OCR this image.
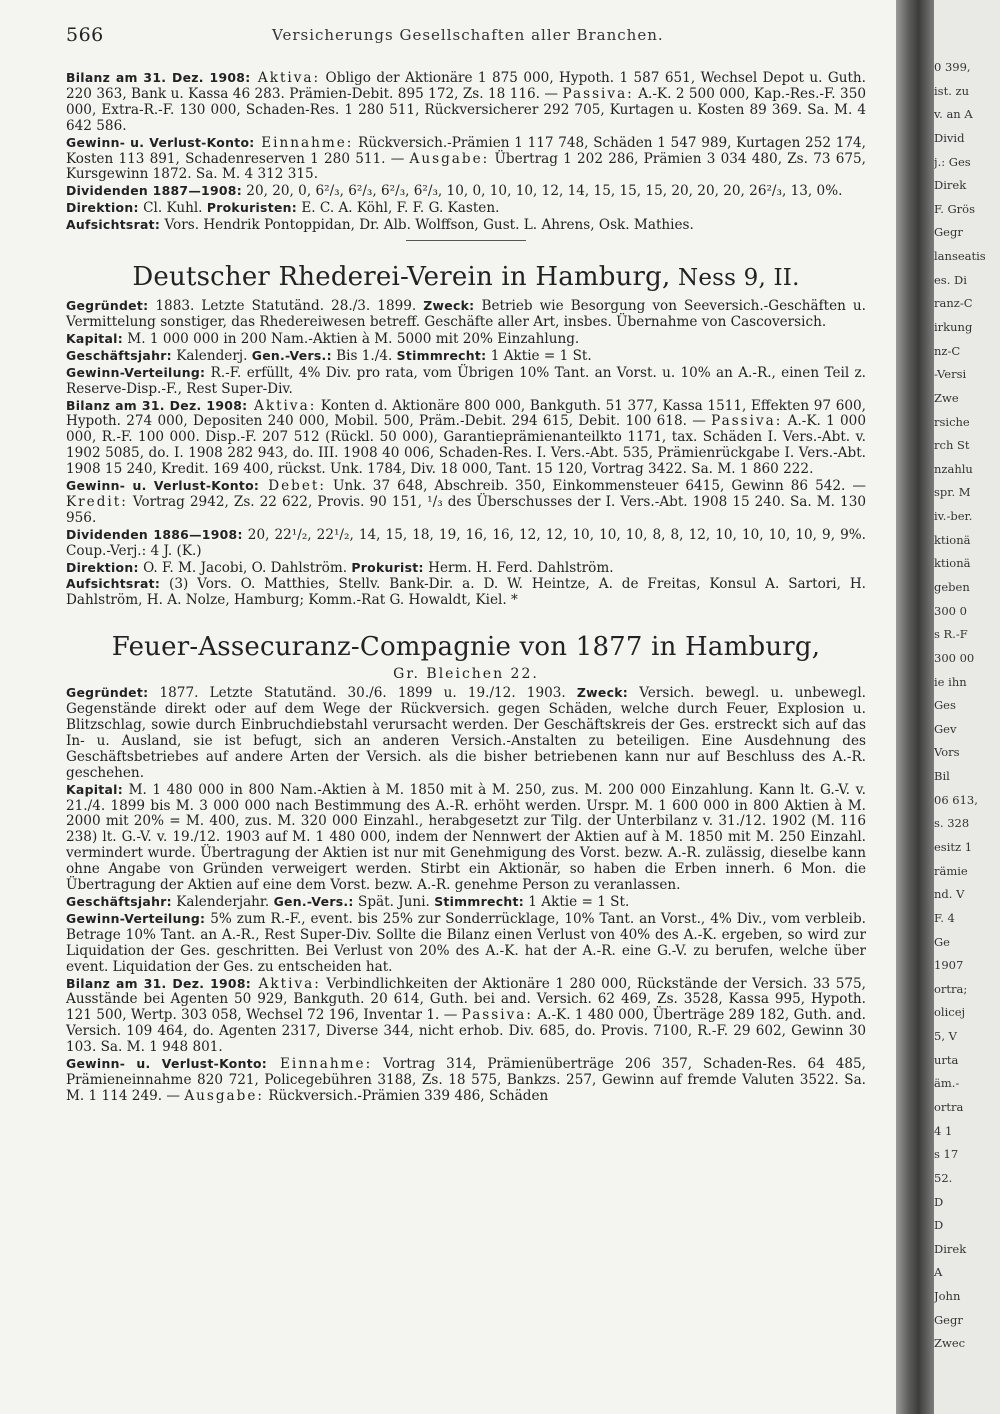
566	Versicherungs Gesellschaften aller Branchen.

Bilanz am 31. Dez. 1908: Aktiva: Obligo der Aktionäre 1 875 000, Hypoth. 1 587 651, Wechsel Depot u. Guth. 220 363, Bank u. Kassa 46 283. Prämien-Debit. 895 172, Zs. 18 116. — Passiva: A.-K. 2 500 000, Kap.-Res.-F. 350 000, Extra-R.-F. 130 000, Schaden-Res. 1 280 511, Rückversicherer 292 705, Kurtagen u. Kosten 89 369. Sa. M. 4 642 586.

Gewinn- u. Verlust-Konto: Einnahme: Rückversich.-Prämien 1 117 748, Schäden 1 547 989, Kurtagen 252 174, Kosten 113 891, Schadenreserven 1 280 511. — Ausgabe: Übertrag 1 202 286, Prämien 3 034 480, Zs. 73 675, Kursgewinn 1872. Sa. M. 4 312 315.

Dividenden 1887—1908: 20, 20, 0, 6²/₃, 6²/₃, 6²/₃, 6²/₃, 10, 0, 10, 10, 12, 14, 15, 15, 15, 20, 20, 20, 26²/₃, 13, 0%.

Direktion: Cl. Kuhl. Prokuristen: E. C. A. Köhl, F. F. G. Kasten.

Aufsichtsrat: Vors. Hendrik Pontoppidan, Dr. Alb. Wolffson, Gust. L. Ahrens, Osk. Mathies.

Deutscher Rhederei-Verein in Hamburg, Ness 9, II.

Gegründet: 1883. Letzte Statutänd. 28./3. 1899. Zweck: Betrieb wie Besorgung von Seeversich.-Geschäften u. Vermittelung sonstiger, das Rhedereiwesen betreff. Geschäfte aller Art, insbes. Übernahme von Cascoversich.

Kapital: M. 1 000 000 in 200 Nam.-Aktien à M. 5000 mit 20% Einzahlung.

Geschäftsjahr: Kalenderj. Gen.-Vers.: Bis 1./4. Stimmrecht: 1 Aktie = 1 St.

Gewinn-Verteilung: R.-F. erfüllt, 4% Div. pro rata, vom Übrigen 10% Tant. an Vorst. u. 10% an A.-R., einen Teil z. Reserve-Disp.-F., Rest Super-Div.

Bilanz am 31. Dez. 1908: Aktiva: Konten d. Aktionäre 800 000, Bankguth. 51 377, Kassa 1511, Effekten 97 600, Hypoth. 274 000, Depositen 240 000, Mobil. 500, Präm.-Debit. 294 615, Debit. 100 618. — Passiva: A.-K. 1 000 000, R.-F. 100 000. Disp.-F. 207 512 (Rückl. 50 000), Garantieprämienanteilkto 1171, tax. Schäden I. Vers.-Abt. v. 1902 5085, do. I. 1908 282 943, do. III. 1908 40 006, Schaden-Res. I. Vers.-Abt. 535, Prämienrückgabe I. Vers.-Abt. 1908 15 240, Kredit. 169 400, rückst. Unk. 1784, Div. 18 000, Tant. 15 120, Vortrag 3422. Sa. M. 1 860 222.

Gewinn- u. Verlust-Konto: Debet: Unk. 37 648, Abschreib. 350, Einkommensteuer 6415, Gewinn 86 542. — Kredit: Vortrag 2942, Zs. 22 622, Provis. 90 151, ¹/₃ des Überschusses der I. Vers.-Abt. 1908 15 240. Sa. M. 130 956.

Dividenden 1886—1908: 20, 22¹/₂, 22¹/₂, 14, 15, 18, 19, 16, 16, 12, 12, 10, 10, 10, 8, 8, 12, 10, 10, 10, 10, 9, 9%. Coup.-Verj.: 4 J. (K.)

Direktion: O. F. M. Jacobi, O. Dahlström. Prokurist: Herm. H. Ferd. Dahlström.

Aufsichtsrat: (3) Vors. O. Matthies, Stellv. Bank-Dir. a. D. W. Heintze, A. de Freitas, Konsul A. Sartori, H. Dahlström, H. A. Nolze, Hamburg; Komm.-Rat G. Howaldt, Kiel. *

Feuer-Assecuranz-Compagnie von 1877 in Hamburg,
Gr. Bleichen 22.

Gegründet: 1877. Letzte Statutänd. 30./6. 1899 u. 19./12. 1903. Zweck: Versich. bewegl. u. unbewegl. Gegenstände direkt oder auf dem Wege der Rückversich. gegen Schäden, welche durch Feuer, Explosion u. Blitzschlag, sowie durch Einbruchdiebstahl verursacht werden. Der Geschäftskreis der Ges. erstreckt sich auf das In- u. Ausland, sie ist befugt, sich an anderen Versich.-Anstalten zu beteiligen. Eine Ausdehnung des Geschäftsbetriebes auf andere Arten der Versich. als die bisher betriebenen kann nur auf Beschluss des A.-R. geschehen.

Kapital: M. 1 480 000 in 800 Nam.-Aktien à M. 1850 mit à M. 250, zus. M. 200 000 Einzahlung. Kann lt. G.-V. v. 21./4. 1899 bis M. 3 000 000 nach Bestimmung des A.-R. erhöht werden. Urspr. M. 1 600 000 in 800 Aktien à M. 2000 mit 20% = M. 400, zus. M. 320 000 Einzahl., herabgesetzt zur Tilg. der Unterbilanz v. 31./12. 1902 (M. 116 238) lt. G.-V. v. 19./12. 1903 auf M. 1 480 000, indem der Nennwert der Aktien auf à M. 1850 mit M. 250 Einzahl. vermindert wurde. Übertragung der Aktien ist nur mit Genehmigung des Vorst. bezw. A.-R. zulässig, dieselbe kann ohne Angabe von Gründen verweigert werden. Stirbt ein Aktionär, so haben die Erben innerh. 6 Mon. die Übertragung der Aktien auf eine dem Vorst. bezw. A.-R. genehme Person zu veranlassen.

Geschäftsjahr: Kalenderjahr. Gen.-Vers.: Spät. Juni. Stimmrecht: 1 Aktie = 1 St.

Gewinn-Verteilung: 5% zum R.-F., event. bis 25% zur Sonderrücklage, 10% Tant. an Vorst., 4% Div., vom verbleib. Betrage 10% Tant. an A.-R., Rest Super-Div. Sollte die Bilanz einen Verlust von 40% des A.-K. ergeben, so wird zur Liquidation der Ges. geschritten. Bei Verlust von 20% des A.-K. hat der A.-R. eine G.-V. zu berufen, welche über event. Liquidation der Ges. zu entscheiden hat.

Bilanz am 31. Dez. 1908: Aktiva: Verbindlichkeiten der Aktionäre 1 280 000, Rückstände der Versich. 33 575, Ausstände bei Agenten 50 929, Bankguth. 20 614, Guth. bei and. Versich. 62 469, Zs. 3528, Kassa 995, Hypoth. 121 500, Wertp. 303 058, Wechsel 72 196, Inventar 1. — Passiva: A.-K. 1 480 000, Überträge 289 182, Guth. and. Versich. 109 464, do. Agenten 2317, Diverse 344, nicht erhob. Div. 685, do. Provis. 7100, R.-F. 29 602, Gewinn 30 103. Sa. M. 1 948 801.

Gewinn- u. Verlust-Konto: Einnahme: Vortrag 314, Prämienüberträge 206 357, Schaden-Res. 64 485, Prämieneinnahme 820 721, Policegebühren 3188, Zs. 18 575, Bankzs. 257, Gewinn auf fremde Valuten 3522. Sa. M. 1 114 249. — Ausgabe: Rückversich.-Prämien 339 486, Schäden

0 399,
ist. zu
v. an A
Divid
j.: Ges
Direk
F. Grös
Gegr
lanseatis
es. Di
ranz-C
irkung
nz-C
-Versi
Zwe
rsiche
rch St
nzahlu
spr. M
iv.-ber.
ktionä
ktionä
geben
300 0
s R.-F
300 00
ie ihn
Ges
Gev
Vors
Bil
06 613,
s. 328
esitz 1
rämie
nd. V
F. 4
Ge
1907
ortra;
olicej
5, V
urta
äm.-
ortra
4 1
s 17
52.
D
D
Direk
A
John
Gegr
Zwec
